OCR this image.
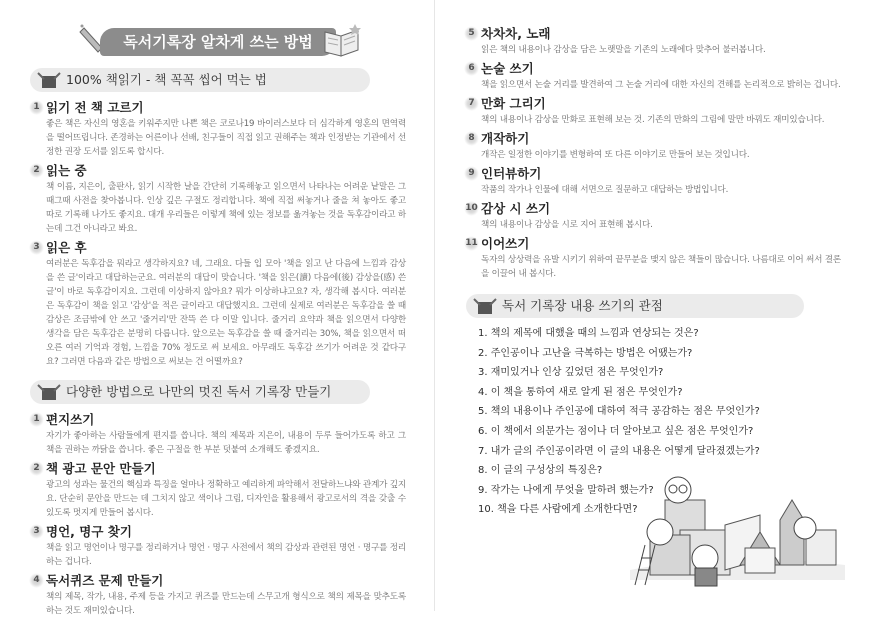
독서기록장 알차게 쓰는 방법
100% 책읽기 - 책 꼭꼭 씹어 먹는 법
1 읽기 전 책 고르기
좋은 책은 자신의 영혼을 키워주지만 나쁜 책은 코로나19 바이러스보다 더 심각하게 영혼의 면역력을 떨어뜨립니다. 존경하는 어른이나 선배, 친구들이 직접 읽고 권해주는 책과 인정받는 기관에서 선정한 권장 도서를 읽도록 합시다.
2 읽는 중
책 이름, 지은이, 출판사, 읽기 시작한 날을 간단히 기록해놓고 읽으면서 나타나는 어려운 낱말은 그때그때 사전을 찾아봅니다. 인상 깊은 구절도 정리합니다. 책에 직접 써놓거나 줄을 쳐 놓아도 좋고 따로 기록해 나가도 좋지요. 대개 우리들은 이렇게 책에 있는 정보를 옮겨놓는 것을 독후감이라고 하는데 그건 아니라고 봐요.
3 읽은 후
여러분은 독후감을 뭐라고 생각하지요? 네, 그래요. 다들 입 모아 '책을 읽고 난 다음에 느낌과 감상을 쓴 글'이라고 대답하는군요. 여러분의 대답이 맞습니다. '책을 읽은(讀) 다음에(後) 감상을(感) 쓴 글'이 바로 독후감이지요. 그런데 이상하지 않아요? 뭐가 이상하냐고요? 자, 생각해 봅시다. 여러분은 독후감이 책을 읽고 '감상'을 적은 글이라고 대답했지요. 그런데 실제로 여러분은 독후감을 쓸 때 감상은 조금밖에 안 쓰고 '줄거리'만 잔뜩 쓴 다 이말 입니다. 줄거리 요약과 책을 읽으면서 다양한 생각을 담은 독후감은 분명히 다릅니다. 앞으로는 독후감을 쓸 때 줄거리는 30%, 책을 읽으면서 떠오른 여러 기억과 경험, 느낌을 70% 정도로 써 보세요. 아무래도 독후감 쓰기가 어려운 것 같다구요? 그러면 다음과 같은 방법으로 써보는 건 어떨까요?
다양한 방법으로 나만의 멋진 독서 기록장 만들기
1 편지쓰기
자기가 좋아하는 사람들에게 편지를 씁니다. 책의 제목과 지은이, 내용이 두루 들어가도록 하고 그 책을 권하는 까닭을 씁니다. 좋은 구절을 한 부분 덧붙여 소개해도 좋겠지요.
2 책 광고 문안 만들기
광고의 성과는 물건의 핵심과 특징을 얼마나 정확하고 예리하게 파악해서 전달하느냐와 관계가 깊지요. 단순히 문안을 만드는 데 그치지 않고 색이나 그림, 디자인을 활용해서 광고로서의 격을 갖출 수 있도록 멋지게 만들어 봅시다.
3 명언, 명구 찾기
책을 읽고 명언이나 명구를 정리하거나 명언 · 명구 사전에서 책의 감상과 관련된 명언 · 명구를 정리하는 겁니다.
4 독서퀴즈 문제 만들기
책의 제목, 작가, 내용, 주제 등을 가지고 퀴즈를 만드는데 스무고개 형식으로 책의 제목을 맞추도록 하는 것도 재미있습니다.
5 차차차, 노래
읽은 책의 내용이나 감상을 담은 노랫말을 기존의 노래에다 맞추어 불러봅니다.
6 논술 쓰기
책을 읽으면서 논술 거리를 발견하여 그 논술 거리에 대한 자신의 견해를 논리적으로 밝히는 겁니다.
7 만화 그리기
책의 내용이나 감상을 만화로 표현해 보는 것. 기존의 만화의 그림에 말만 바꿔도 재미있습니다.
8 개작하기
개작은 일정한 이야기를 변형하여 또 다른 이야기로 만들어 보는 것입니다.
9 인터뷰하기
작품의 작가나 인물에 대해 서면으로 질문하고 대답하는 방법입니다.
10 감상 시 쓰기
책의 내용이나 감상을 시로 지어 표현해 봅시다.
11 이어쓰기
독자의 상상력을 유발 시키기 위하여 끝무분을 맺지 않은 책들이 많습니다. 나름대로 이어 써서 결론을 이끌어 내 봅시다.
독서 기록장 내용 쓰기의 관점
1. 책의 제목에 대했을 때의 느낌과 연상되는 것은?
2. 주인공이나 고난을 극복하는 방법은 어땠는가?
3. 재미있거나 인상 깊었던 점은 무엇인가?
4. 이 책을 통하여 새로 알게 된 점은 무엇인가?
5. 책의 내용이나 주인공에 대하여 적극 공감하는 점은 무엇인가?
6. 이 책에서 의문가는 점이나 더 알아보고 싶은 점은 무엇인가?
7. 내가 글의 주인공이라면 이 글의 내용은 어떻게 달라졌겠는가?
8. 이 글의 구성상의 특징은?
9. 작가는 나에게 무엇을 말하려 했는가?
10. 책을 다른 사람에게 소개한다면?
